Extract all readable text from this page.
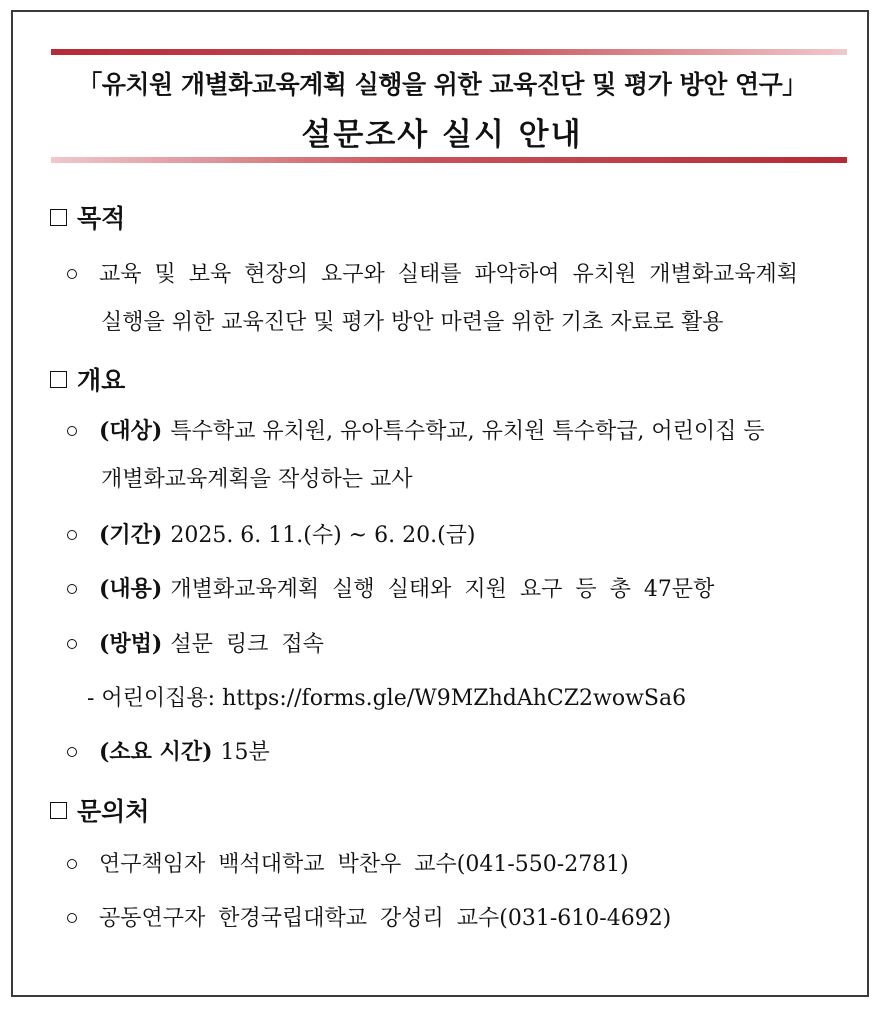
「유치원 개별화교육계획 실행을 위한 교육진단 및 평가 방안 연구」
설문조사 실시 안내
목적
교육 및 보육 현장의 요구와 실태를 파악하여 유치원 개별화교육계획
실행을 위한 교육진단 및 평가 방안 마련을 위한 기초 자료로 활용
개요
(대상) 특수학교 유치원, 유아특수학교, 유치원 특수학급, 어린이집 등
개별화교육계획을 작성하는 교사
(기간) 2025. 6. 11.(수) ~ 6. 20.(금)
(내용) 개별화교육계획 실행 실태와 지원 요구 등 총 47문항
(방법) 설문 링크 접속
- 어린이집용: https://forms.gle/W9MZhdAhCZ2wowSa6
(소요 시간) 15분
문의처
연구책임자 백석대학교 박찬우 교수(041-550-2781)
공동연구자 한경국립대학교 강성리 교수(031-610-4692)
